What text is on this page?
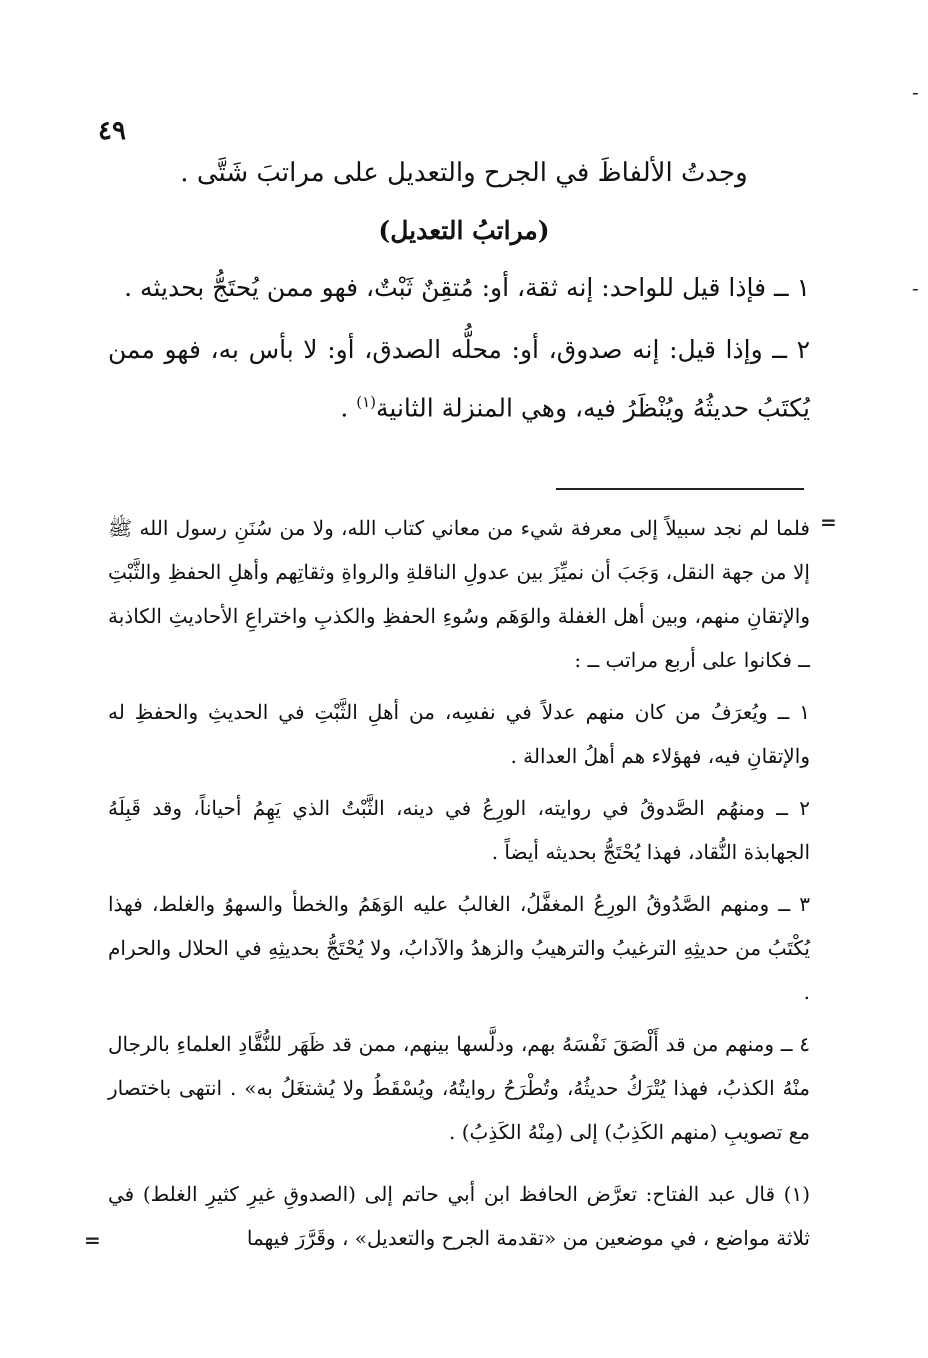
٤٩
-
-
=
=
وجدتُ الألفاظَ في الجرح والتعديل على مراتبَ شَتَّى .
(مراتبُ التعديل)

١ ــ فإذا قيل للواحد: إنه ثقة، أو: مُتقِنٌ ثَبْتٌ، فهو ممن يُحتَجُّ بحديثه .

٢ ــ وإذا قيل: إنه صدوق، أو: محلُّه الصدق، أو: لا بأس به، فهو ممن يُكتَبُ حديثُهُ ويُنْظَرُ فيه، وهي المنزلة الثانية$^{(١)}$ .

فلما لم نجد سبيلاً إلى معرفة شيء من معاني كتاب الله، ولا من سُنَنِ رسول الله ﷺ إلا من جهة النقل، وَجَبَ أن نميِّزَ بين عدولِ الناقلةِ والرواةِ وثقاتِهم وأهلِ الحفظِ والثَّبْتِ والإتقانِ منهم، وبين أهل الغفلة والوَهَم وسُوءِ الحفظِ والكذبِ واختراعِ الأحاديثِ الكاذبة ــ فكانوا على أربع مراتب ــ :

١ ــ ويُعرَفُ من كان منهم عدلاً في نفسِه، من أهلِ الثَّبْتِ في الحديثِ والحفظِ له والإتقانِ فيه، فهؤلاء هم أهلُ العدالة .

٢ ــ ومنهُم الصَّدوقُ في روايته، الورِعُ في دينه، الثَّبْتُ الذي يَهِمُ أحياناً، وقد قَبِلَهُ الجهابذة النُّقاد، فهذا يُحْتَجُّ بحديثه أيضاً .

٣ ــ ومنهم الصَّدُوقُ الورِعُ المغفَّلُ، الغالبُ عليه الوَهَمُ والخطأ والسهوُ والغلط، فهذا يُكْتَبُ من حديثِهِ الترغيبُ والترهيبُ والزهدُ والآدابُ، ولا يُحْتَجُّ بحديثِهِ في الحلال والحرام .

٤ ــ ومنهم من قد أَلْصَقَ نَفْسَهُ بهم، ودلَّسها بينهم، ممن قد ظَهَر للنُّقَّادِ العلماءِ بالرجال منْهُ الكذبُ، فهذا يُتْرَكُ حديثُهُ، وتُطْرَحُ روايتُهُ، ويُسْقَطُ ولا يُشتغَلُ به» . انتهى باختصار مع تصويبِ (منهم الكَذِبُ) إلى (مِنْهُ الكَذِبُ) .

(١) قال عبد الفتاح: تعرَّض الحافظ ابن أبي حاتم إلى (الصدوقِ غيرِ كثيرِ الغلط) في ثلاثة مواضع ، في موضعين من «تقدمة الجرح والتعديل» ، وقَرَّرَ فيهما
